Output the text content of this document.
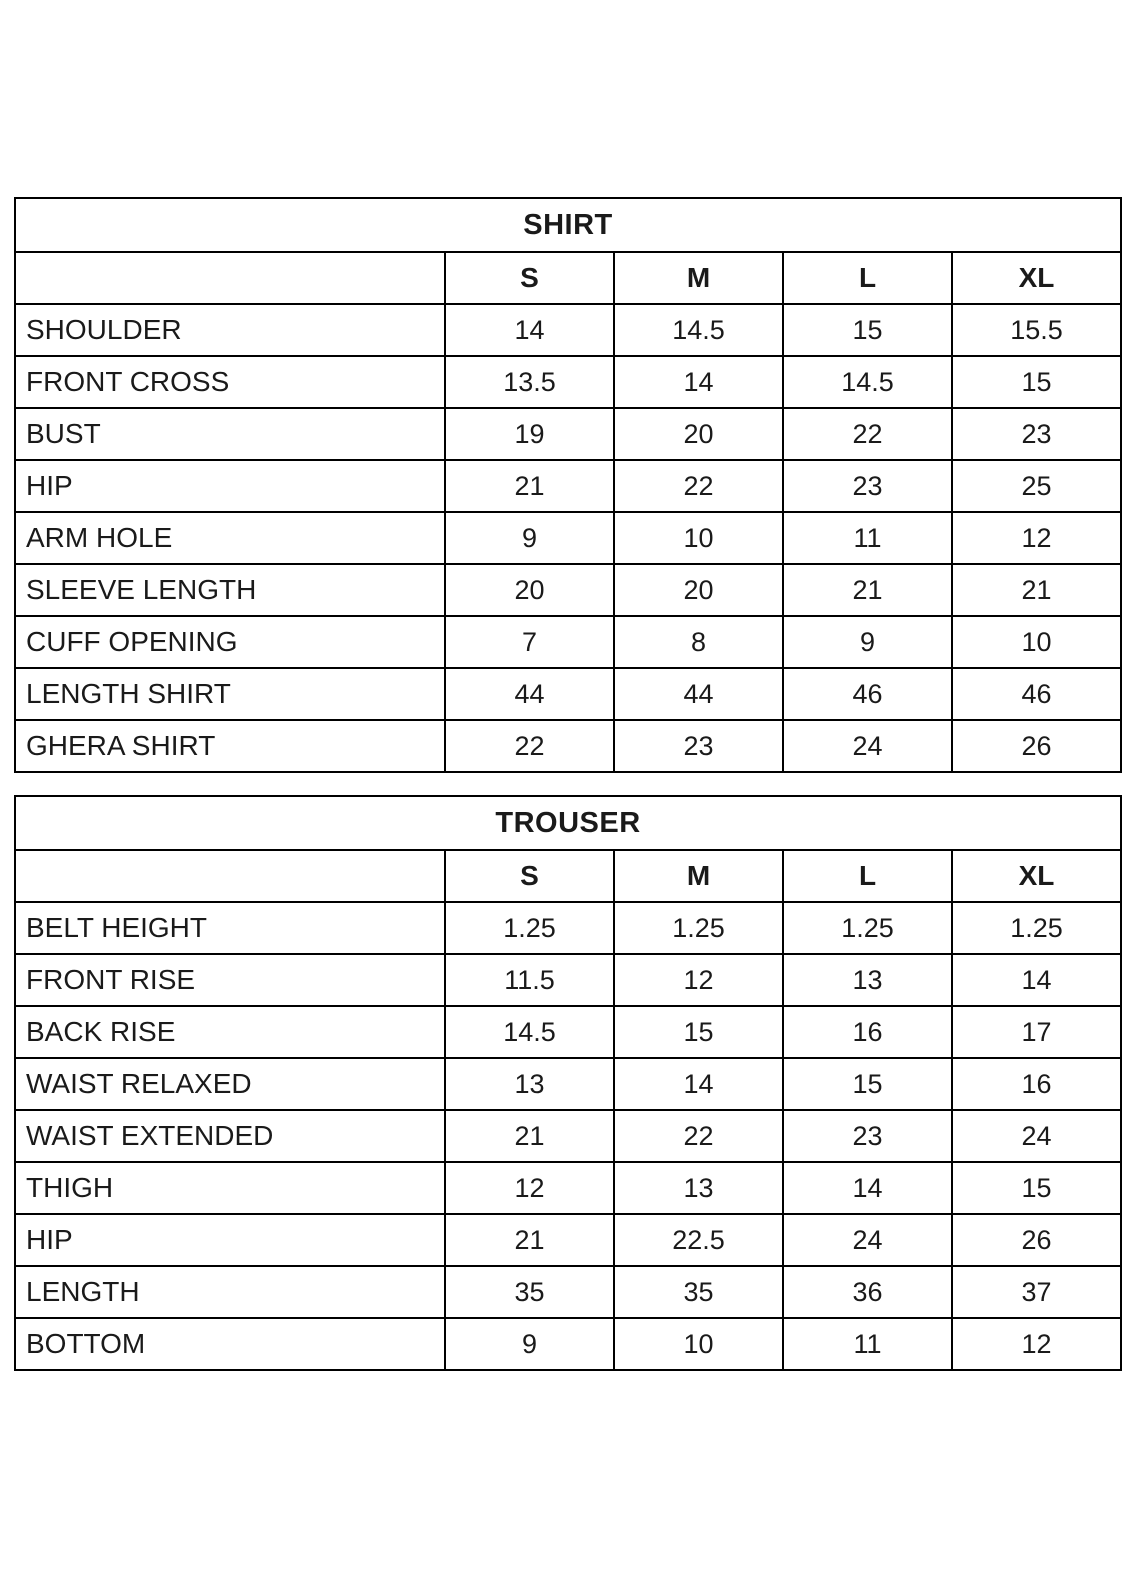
SHIRT				
	S	M	L	XL
SHOULDER	14	14.5	15	15.5
FRONT CROSS	13.5	14	14.5	15
BUST	19	20	22	23
HIP	21	22	23	25
ARM HOLE	9	10	11	12
SLEEVE LENGTH	20	20	21	21
CUFF OPENING	7	8	9	10
LENGTH SHIRT	44	44	46	46
GHERA SHIRT	22	23	24	26
TROUSER				
	S	M	L	XL
BELT HEIGHT	1.25	1.25	1.25	1.25
FRONT RISE	11.5	12	13	14
BACK RISE	14.5	15	16	17
WAIST RELAXED	13	14	15	16
WAIST EXTENDED	21	22	23	24
THIGH	12	13	14	15
HIP	21	22.5	24	26
LENGTH	35	35	36	37
BOTTOM	9	10	11	12
